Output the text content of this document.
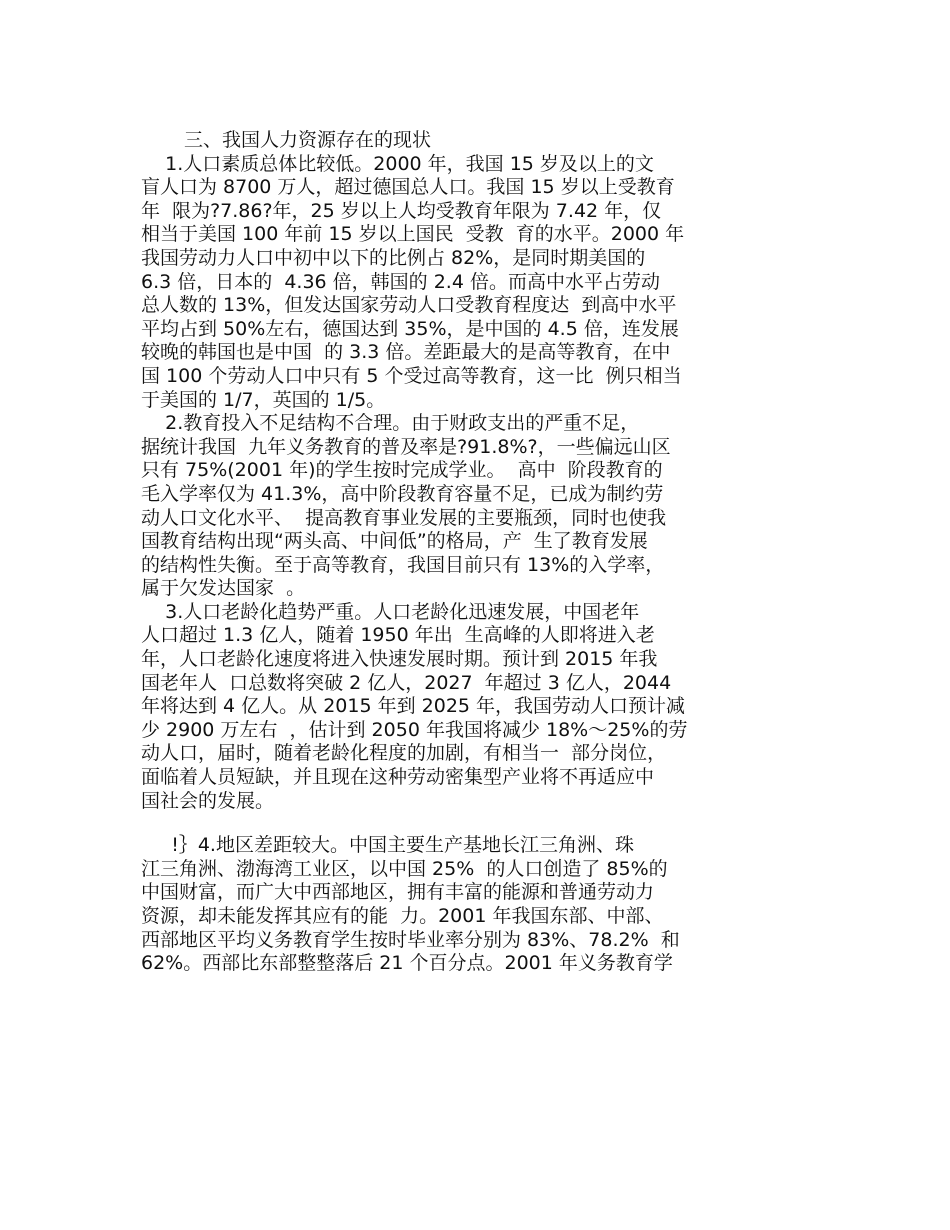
三、我国人力资源存在的现状
1.人口素质总体比较低。2000 年，我国 15 岁及以上的文
盲人口为 8700 万人，超过德国总人口。我国 15 岁以上受教育
年  限为?7.86?年，25 岁以上人均受教育年限为 7.42 年，仅
相当于美国 100 年前 15 岁以上国民  受教  育的水平。2000 年
我国劳动力人口中初中以下的比例占 82%，是同时期美国的
6.3 倍，日本的  4.36 倍，韩国的 2.4 倍。而高中水平占劳动
总人数的 13%，但发达国家劳动人口受教育程度达  到高中水平
平均占到 50%左右，德国达到 35%，是中国的 4.5 倍，连发展
较晚的韩国也是中国  的 3.3 倍。差距最大的是高等教育，在中
国 100 个劳动人口中只有 5 个受过高等教育，这一比  例只相当
于美国的 1/7，英国的 1/5。
2.教育投入不足结构不合理。由于财政支出的严重不足，
据统计我国  九年义务教育的普及率是?91.8%?，一些偏远山区
只有 75%(2001 年)的学生按时完成学业。  高中  阶段教育的
毛入学率仅为 41.3%，高中阶段教育容量不足，已成为制约劳
动人口文化水平、  提高教育事业发展的主要瓶颈，同时也使我
国教育结构出现“两头高、中间低”的格局，产  生了教育发展
的结构性失衡。至于高等教育，我国目前只有 13%的入学率，
属于欠发达国家  。
3.人口老龄化趋势严重。人口老龄化迅速发展，中国老年
人口超过 1.3 亿人，随着 1950 年出  生高峰的人即将进入老
年，人口老龄化速度将进入快速发展时期。预计到 2015 年我
国老年人  口总数将突破 2 亿人，2027  年超过 3 亿人，2044
年将达到 4 亿人。从 2015 年到 2025 年，我国劳动人口预计减
少 2900 万左右  ，估计到 2050 年我国将减少 18%～25%的劳
动人口，届时，随着老龄化程度的加剧，有相当一  部分岗位，
面临着人员短缺，并且现在这种劳动密集型产业将不再适应中
国社会的发展。
!｝4.地区差距较大。中国主要生产基地长江三角洲、珠
江三角洲、渤海湾工业区，以中国 25%  的人口创造了 85%的
中国财富，而广大中西部地区，拥有丰富的能源和普通劳动力
资源，却未能发挥其应有的能  力。2001 年我国东部、中部、
西部地区平均义务教育学生按时毕业率分别为 83%、78.2%  和
62%。西部比东部整整落后 21 个百分点。2001 年义务教育学
